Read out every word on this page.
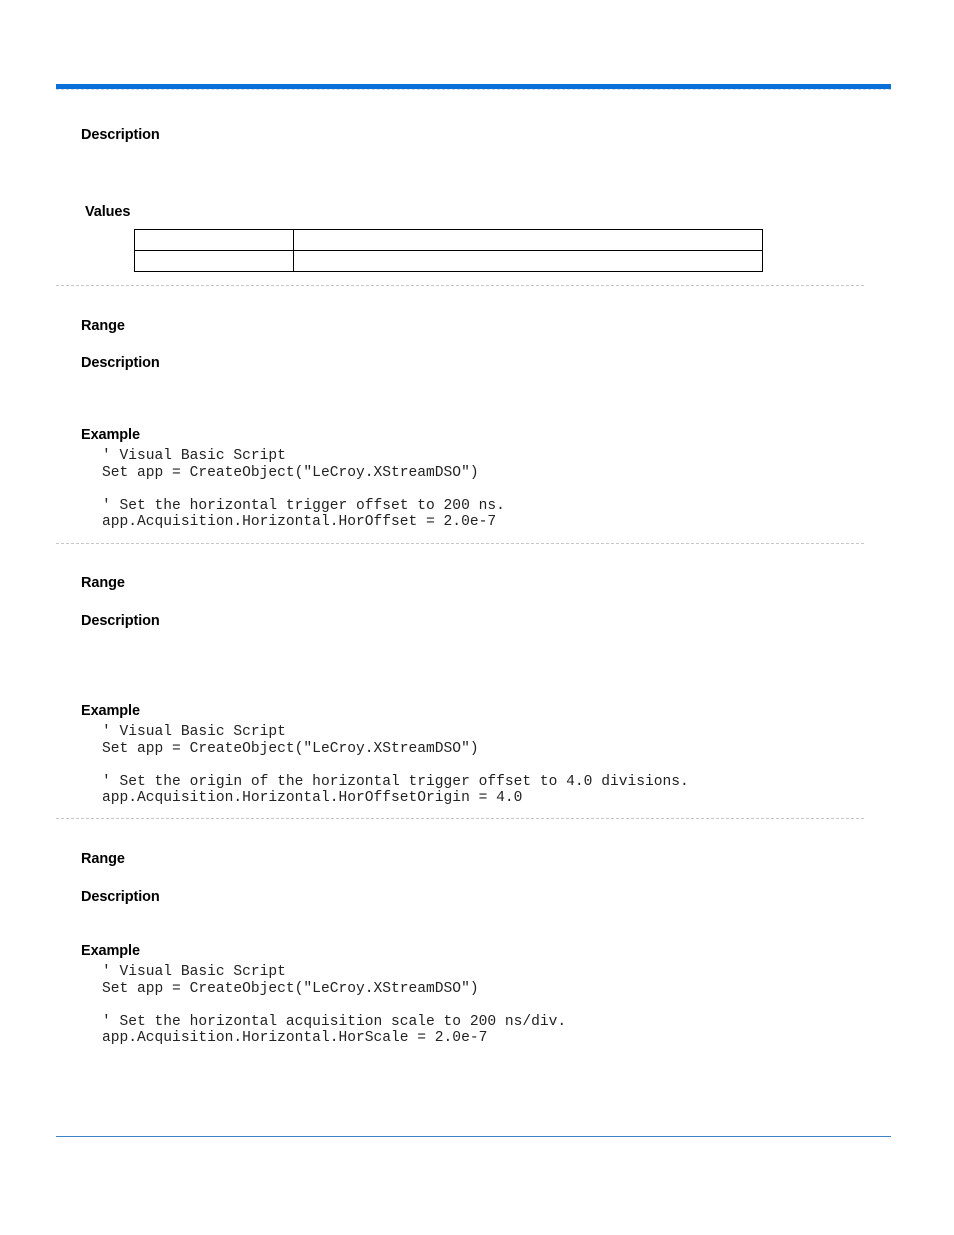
Description
Values

Range
Description
Example
' Visual Basic Script
Set app = CreateObject("LeCroy.XStreamDSO")

' Set the horizontal trigger offset to 200 ns.
app.Acquisition.Horizontal.HorOffset = 2.0e-7
Range
Description
Example
' Visual Basic Script
Set app = CreateObject("LeCroy.XStreamDSO")

' Set the origin of the horizontal trigger offset to 4.0 divisions.
app.Acquisition.Horizontal.HorOffsetOrigin = 4.0
Range
Description
Example
' Visual Basic Script
Set app = CreateObject("LeCroy.XStreamDSO")

' Set the horizontal acquisition scale to 200 ns/div.
app.Acquisition.Horizontal.HorScale = 2.0e-7
